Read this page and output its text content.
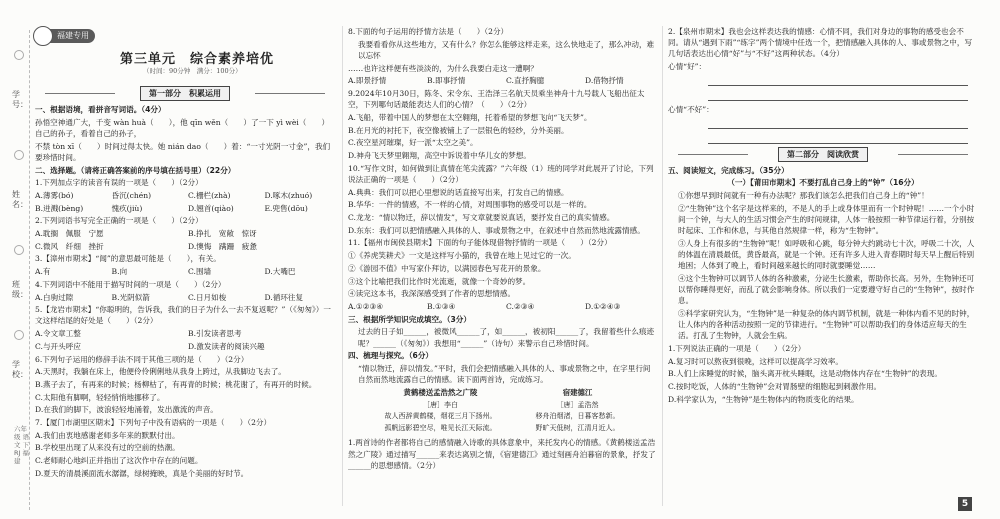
学号：
姓名：
班级：
学校：
六年级 语文 下 RJ 福建
福建专用
第三单元　综合素养培优
（时间：90分钟　满分：100分）
第一部分　积累运用

一、根据语境，看拼音写词语。（4分）

孙悟空神通广大，千变 wàn huà（　　），他 qīn wěn（　　）了一下 yì wèi（　　）自己的孙子，看着自己的孙子，

不禁 tòn xī（　　）时间过得太快。她 nián dao（　　）着：“一寸光阴一寸金”，我们要珍惜时间。

二、选择题。（请将正确答案前的序号填在括号里）（22分）

1.下列加点字的读音有误的一项是（　　）（2分）

A.薄雾(bó)	昏沉(chén)	C.栅栏(zhà)	D.啄木(zhuó)
B.迸溅(bèng)	愧疚(jiù)	D.翘首(qiào)	E.兜售(dōu)

2.下列词语书写完全正确的一项是（　　）（2分）

A.耽搁　佩服　宁愿	B.挣扎　宽敞　惊讶
C.微风　纤细　挫折	D.懊悔　蹒跚　疲惫

3.【漳州市期末】“闻”的意思最可能是（　　），有关。

A.有	B.向	C.围墙	D.大嘴巴

4.下列词语中不能用于描写时间的一项是（　　）（2分）

A.白驹过隙	B.光阴似箭	C.日月如梭	D.循环往复

5.【龙岩市期末】“你聪明的，告诉我，我们的日子为什么一去不复返呢？”（《匆匆》）一文这样结尾的好处是（　　）（2分）

A.令文章工整	B.引发读者思考
C.与开头呼应	D.激发读者的阅读兴趣

6.下列句子运用的修辞手法不同于其他三项的是（　　）（2分）

A.天黑时，我躺在床上，他便伶伶俐俐地从我身上跨过，从我脚边飞去了。

B.燕子去了，有再来的时候；杨柳枯了，有再青的时候；桃花谢了，有再开的时候。

C.太阳他有脚啊，轻轻悄悄地挪移了。

D.在我们的脚下，波浪轻轻地涌着，发出激流的声音。

7.【厦门市湖里区期末】下列句子中没有语病的一项是（　　）（2分）

A.我们由衷地感谢老师多年来的默默付出。

B.学校里出现了从来没有过的空前的热潮。

C.老师耐心地纠正并指出了这次作中存在的问题。

D.夏天的清晨溪面流水潺潺，绿树掩映，真是个美丽的好时节。

8.下面的句子运用的抒情方法是（　　）（2分）

我要看看你从这些地方，又有什么？你怎么能够这样走来，这么快地走了，那么冲动，难以忘怀

……也许这样便有些淡淡的，为什么我要白走这一遭啊？

A.即景抒情	B.即事抒情	C.直抒胸臆	D.借物抒情

9.2024年10月30日，陈冬、宋令东、王浩泽三名航天员乘坐神舟十九号载人飞船出征太空，下列哪句话最能表达人们的心情？（　　）（2分）

A.飞船，带着中国人的梦想在太空翱翔，托着希望的梦想飞向“飞天梦”。

B.在月光的衬托下，夜空像被铺上了一层银色的轻纱，分外美丽。

C.夜空星河璀璨，好一派“太空之美”。

D.神舟飞天梦里翱翔，高空中诉说着中华儿女的梦想。

10.“写作文时，如何做到让真情在笔尖流露？”六年级（1）班的同学对此展开了讨论，下列说法正确的一项是（　　）（2分）

A.典典：我们可以把心里想说的话直接写出来，打发自己的情感。

B.华华：一件的情感，不一样的心情，对周围事物的感受可以是一样的。

C.龙龙：“情以物迁，辞以情发”，写文章就要说真话，要抒发自己的真实情感。

D.东东：我们可以把情感融入具体的人、事或景物之中，在叙述中自然而然地流露情感。

11.【福州市闽侯县期末】下面的句子能体现借物抒情的一项是（　　）（2分）

①《养虎笑耕犬》一文是这样写小猫的，我曾在地上见过它的一次。

②《游园不值》中写家仆拜访，以满园春色写花开的景象。

③这个比喻把我们比作时光流逝，就像一个奇妙的梦。

④读完这本书，我深深感受到了作者的思想情感。

A.①②③④	B.①③④	C.②③④	D.①②④③

三、根据所学知识完成填空。（3分）

过去的日子如______，被微风______了，如______，被初阳______了，我留着些什么痕迹呢？______（《匆匆》）我想用“______”（诗句）来警示自己珍惜时间。

四、梳理与探究。（6分）

“情以物迁，辞以情发。”平时，我们会把情感融入具体的人、事或景物之中，在字里行间自然而然地流露自己的情感。读下面两首诗，完成练习。

黄鹤楼送孟浩然之广陵

［唐］李白

故人西辞黄鹤楼，烟花三月下扬州。

孤帆远影碧空尽，唯见长江天际流。

宿建德江

［唐］孟浩然

移舟泊烟渚，日暮客愁新。

野旷天低树，江清月近人。

1.两首诗的作者都将自己的感情融入诗歌的具体意象中，来托发内心的情感。《黄鹤楼送孟浩然之广陵》通过描写______来表达离别之情，《宿建德江》通过刻画舟泊暮宿的景象，抒发了______的思想感情。（2分）

2.【泉州市期末】我也会这样表达我的情感：心情不同，我们对身边的事物的感受也会不同。请从“遇到下雨”“练字”两个情境中任选一个，把情感融入具体的人、事或景物之中，写几句话表达出心情“好”与“不好”这两种状态。（4分）

心情“好”：

心情“不好”：

第二部分　阅读欣赏

五、阅读短文，完成练习。（35分）

（一）【莆田市期末】不要打乱自己身上的“钟”（16分）

①你想早到时间就有一种有办法呢？那我们该怎么把我们自己身上的“钟”！

②“生物钟”这个名字是这样来的，不是人的手上或身体里而有一个时钟呢！……一个小时间一个钟，与大人的生活习惯会产生的时间规律，人体一般按照一种节律运行着，分别按时起床、工作和休息，与其他自然规律一样，称为“生物钟”。

③人身上有很多的“生物钟”呢！如呼吸和心跳，每分钟大约跳动七十次，呼吸二十次，人的体温在清晨最低，黄昏最高，就是一个钟。还有许多人进入青春期时每天早上醒后特别地困；人体到了晚上，看时间越来越长的同时就要睡觉……

④这个生物钟可以调节人体的各种激素，分泌生长激素，帮助你长高。另外，生物钟还可以帮你睡得更好，而乱了就会影响身体。所以我们一定要遵守好自己的“生物钟”，按时作息。

⑤科学家研究认为，“生物钟”是一种复杂的体内调节机制，就是一种体内看不见的时钟，让人体内的各种活动按照一定的节律进行。“生物钟”可以帮助我们的身体适应每天的生活。打乱了生物钟，人就会生病。

1.下列说法正确的一项是（　　）（2分）

A.复习时可以熬夜到很晚，这样可以提高学习效率。

B.人们上床睡觉的时候，脑头离开枕头睡眠，这是动物体内存在“生物钟”的表现。

C.按时吃饭，人体的“生物钟”会对胃肠壁的细胞起到刺激作用。

D.科学家认为，“生物钟”是生物体内的物质变化的结果。

5
